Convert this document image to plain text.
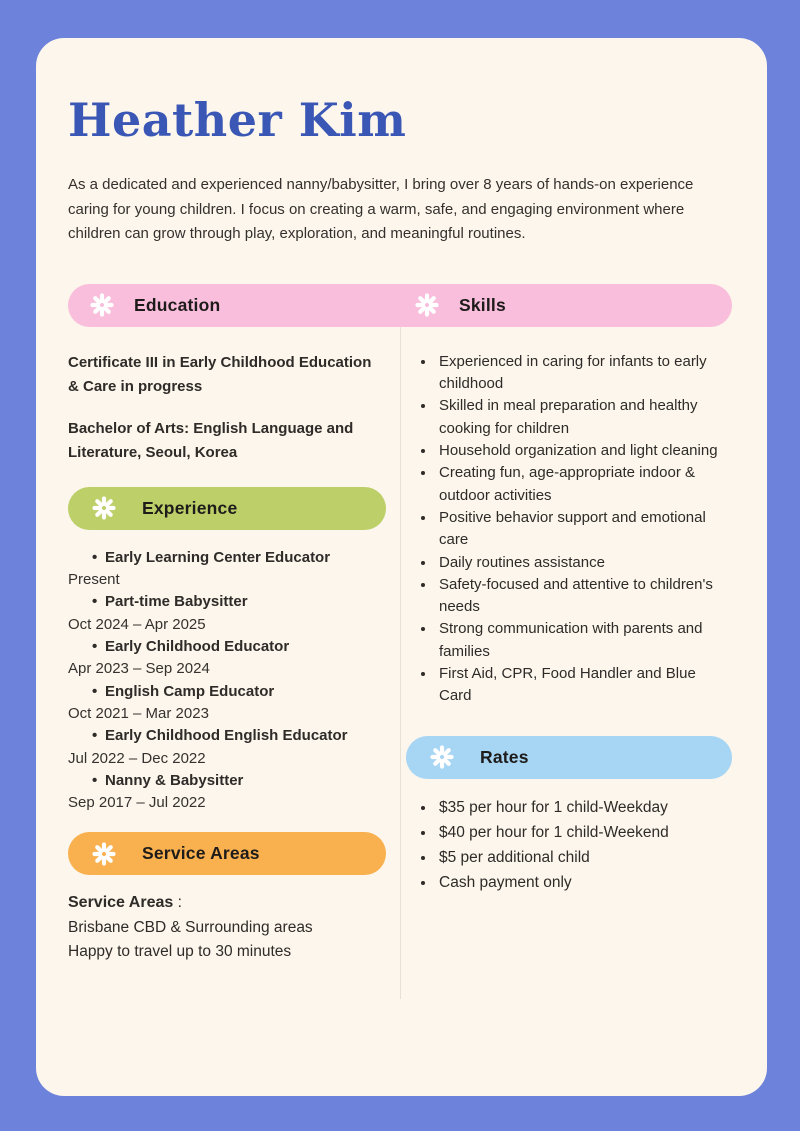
Heather Kim

As a dedicated and experienced nanny/babysitter, I bring over 8 years of hands-on experience caring for young children. I focus on creating a warm, safe, and engaging environment where children can grow through play, exploration, and meaningful routines.

Education	Skills

Certificate III in Early Childhood Education & Care in progress

Bachelor of Arts: English Language and Literature, Seoul, Korea

Experience
• Early Learning Center Educator
Present
• Part-time Babysitter
Oct 2024 – Apr 2025
• Early Childhood Educator
Apr 2023 – Sep 2024
• English Camp Educator
Oct 2021 – Mar 2023
• Early Childhood English Educator
Jul 2022 – Dec 2022
• Nanny & Babysitter
Sep 2017 – Jul 2022
Service Areas
Service Areas :
Brisbane CBD & Surrounding areas
Happy to travel up to 30 minutes
• Experienced in caring for infants to early childhood
• Skilled in meal preparation and healthy cooking for children
• Household organization and light cleaning
• Creating fun, age-appropriate indoor & outdoor activities
• Positive behavior support and emotional care
• Daily routines assistance
• Safety-focused and attentive to children's needs
• Strong communication with parents and families
• First Aid, CPR, Food Handler and Blue Card
Rates
• $35 per hour for 1 child-Weekday
• $40 per hour for 1 child-Weekend
• $5 per additional child
• Cash payment only
